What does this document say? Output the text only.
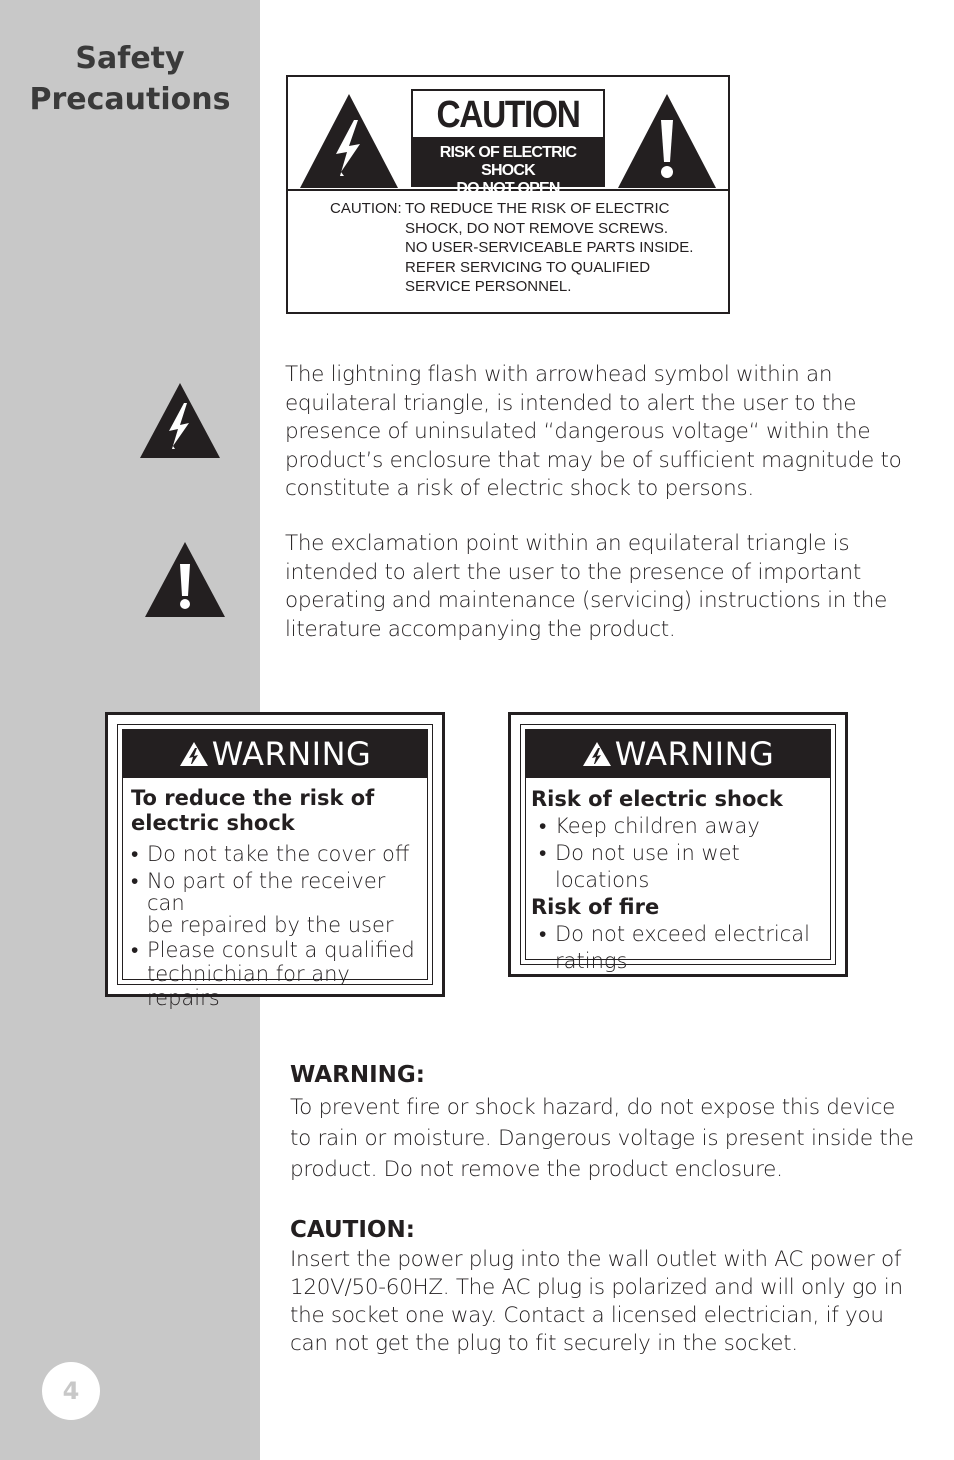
Safety
Precautions
4
CAUTION
RISK OF ELECTRIC SHOCK
DO NOT OPEN
CAUTION: TO REDUCE THE RISK OF ELECTRIC
SHOCK, DO NOT REMOVE SCREWS.
NO USER-SERVICEABLE PARTS INSIDE.
REFER SERVICING TO QUALIFIED
SERVICE PERSONNEL.
The lightning flash with arrowhead symbol within an
equilateral triangle, is intended to alert the user to the
presence of uninsulated “dangerous voltage“ within the
product’s enclosure that may be of sufficient magnitude to
constitute a risk of electric shock to persons.
The exclamation point within an equilateral triangle is
intended to alert the user to the presence of important
operating and maintenance (servicing) instructions in the
literature accompanying the product.
WARNING
To reduce the risk of
electric shock
• Do not take the cover off
• No part of the receiver can
be repaired by the user
• Please consult a qualified
technichian for any repairs
WARNING
Risk of electric shock
• Keep children away
• Do not use in wet locations
Risk of fire
• Do not exceed electrical
ratings
WARNING:
To prevent fire or shock hazard, do not expose this device
to rain or moisture. Dangerous voltage is present inside the
product. Do not remove the product enclosure.
CAUTION:
Insert the power plug into the wall outlet with AC power of
120V/50-60HZ. The AC plug is polarized and will only go in
the socket one way. Contact a licensed electrician, if you
can not get the plug to fit securely in the socket.
